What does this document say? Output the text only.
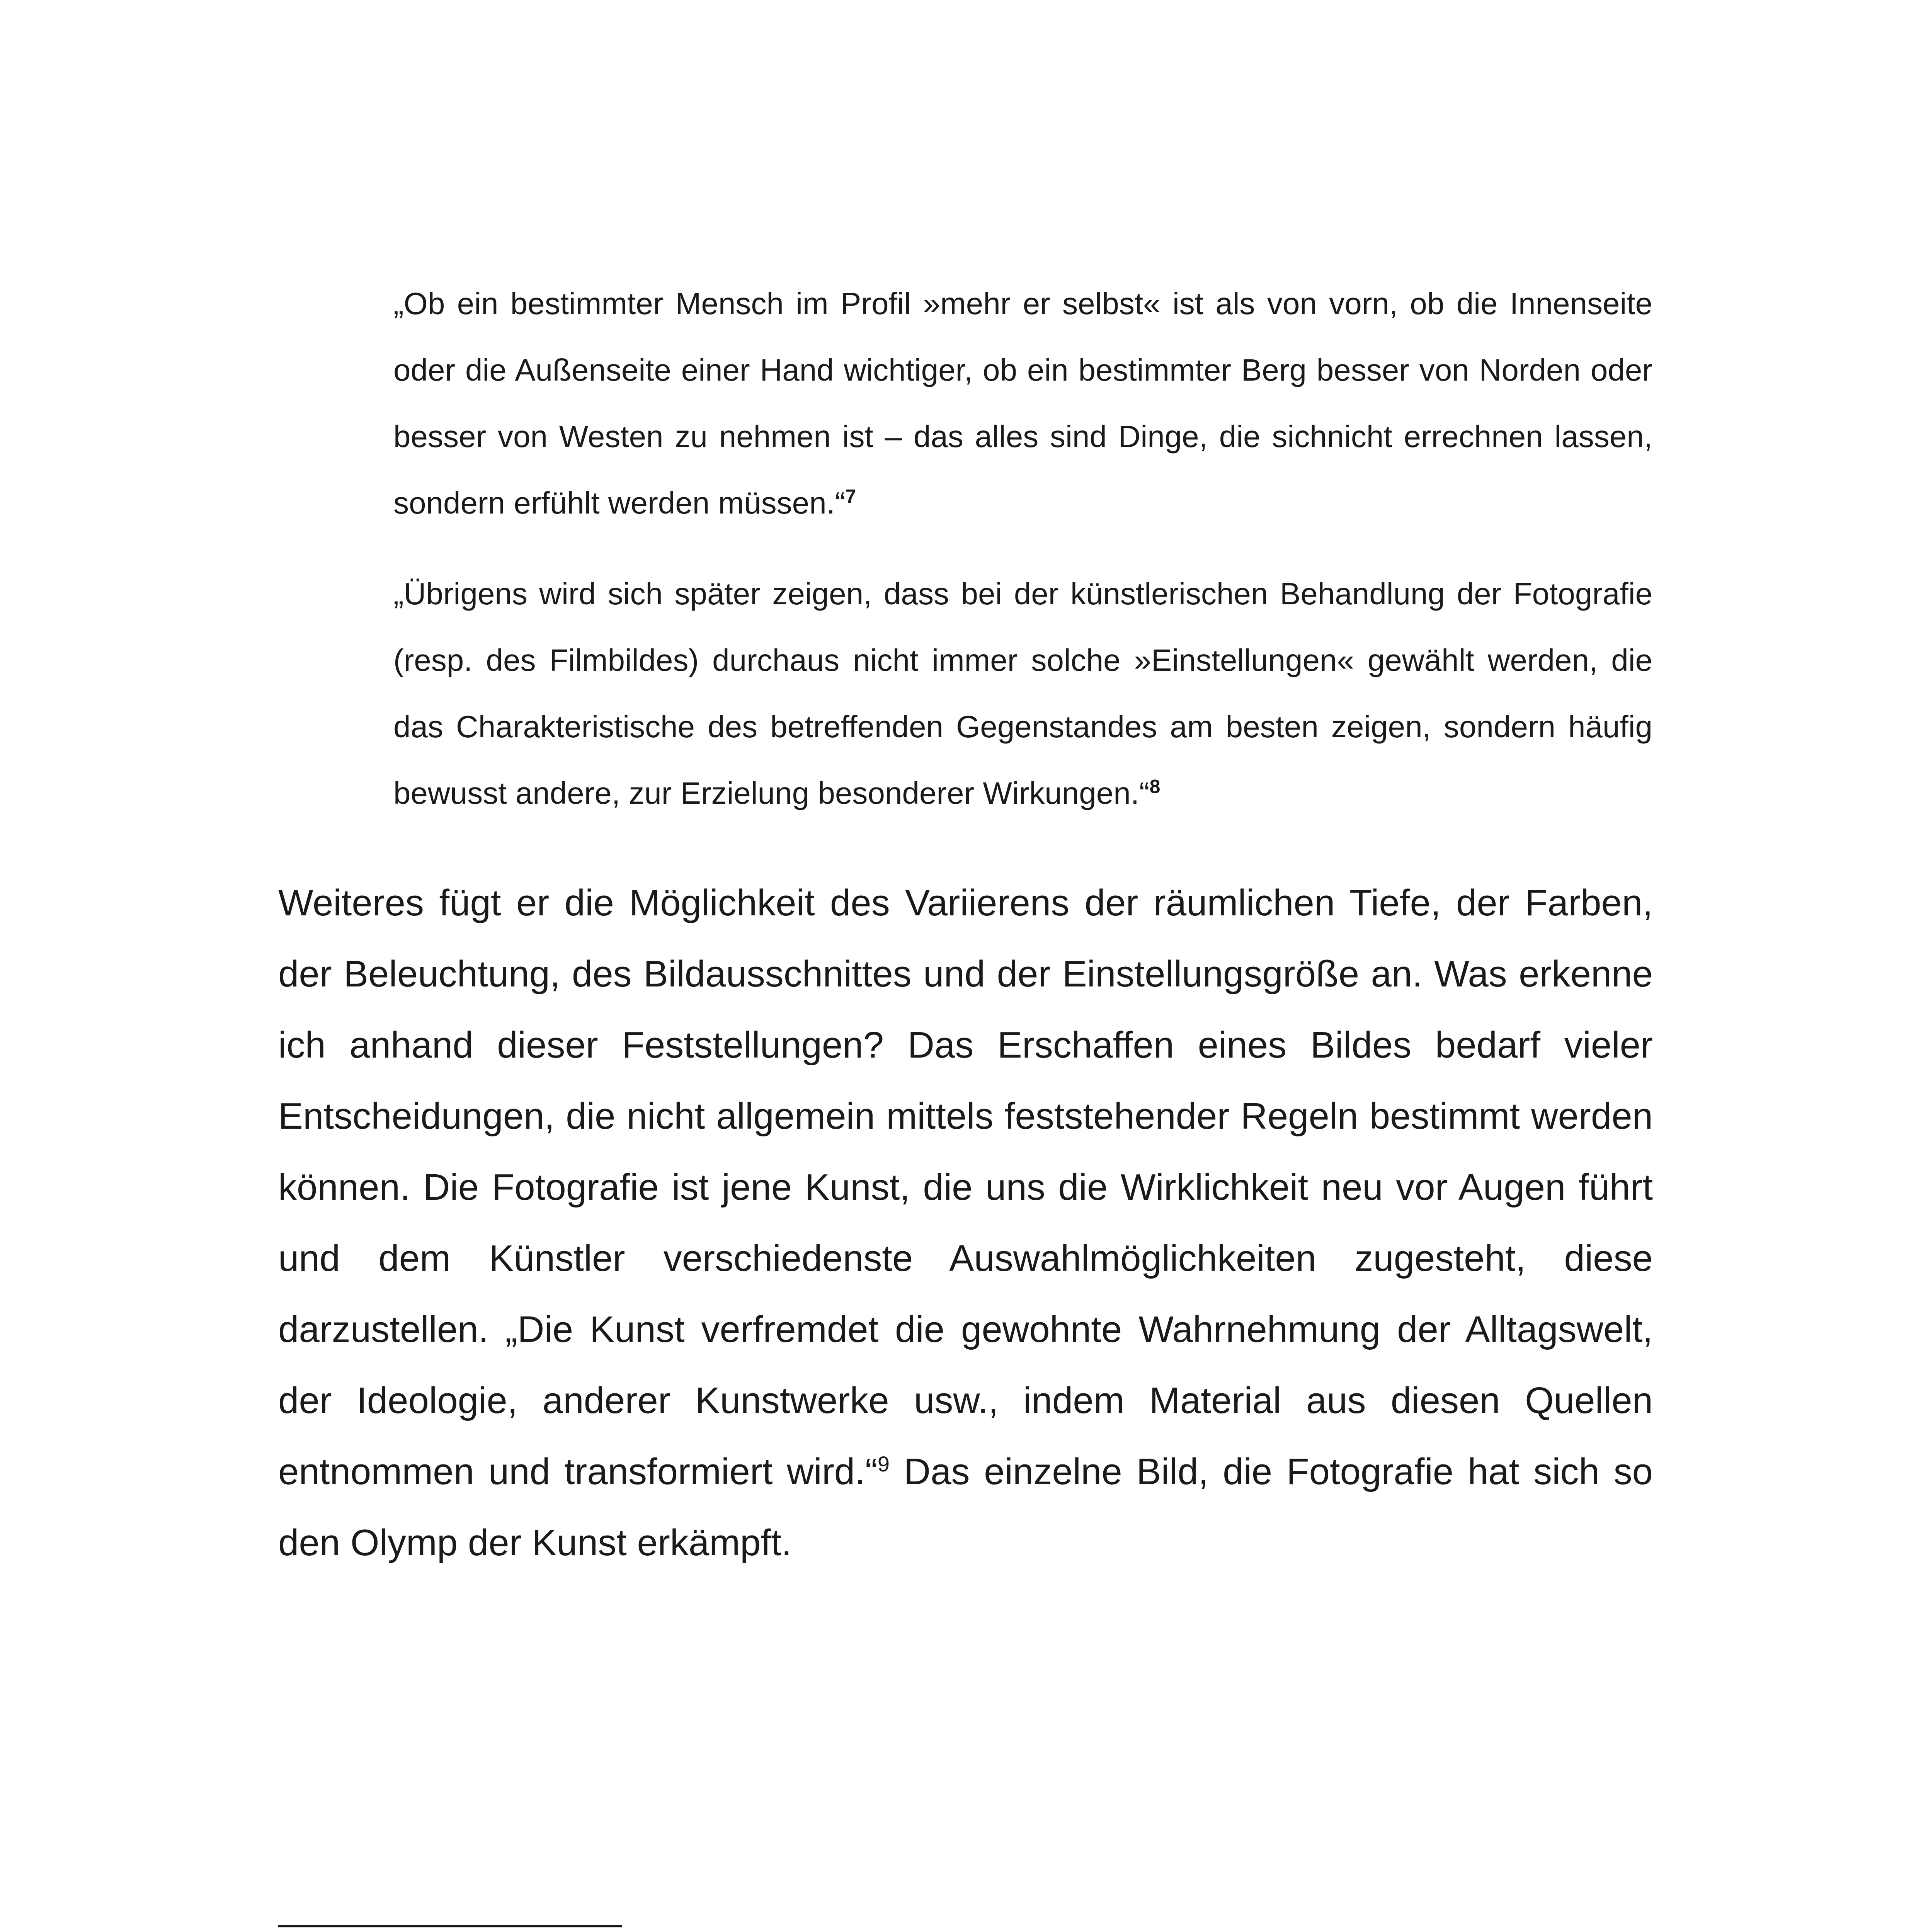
„Ob ein bestimmter Mensch im Profil »mehr er selbst« ist als von vorn, ob die Innenseite oder die Außenseite einer Hand wichtiger, ob ein bestimmter Berg besser von Norden oder besser von Westen zu nehmen ist – das alles sind Dinge, die sichnicht errechnen lassen, sondern erfühlt werden müssen.“$^7$

„Übrigens wird sich später zeigen, dass bei der künstlerischen Behandlung der Fotografie (resp. des Filmbildes) durchaus nicht immer solche »Einstellungen« gewählt werden, die das Charakteristische des betreffenden Gegenstandes am besten zeigen, sondern häufig bewusst andere, zur Erzielung besonderer Wirkungen.“$^8$

Weiteres fügt er die Möglichkeit des Variierens der räumlichen Tiefe, der Farben, der Beleuchtung, des Bildausschnittes und der Einstellungsgröße an. Was erkenne ich anhand dieser Feststellungen? Das Erschaffen eines Bildes bedarf vieler Entscheidungen, die nicht allgemein mittels feststehender Regeln bestimmt werden können. Die Fotografie ist jene Kunst, die uns die Wirklichkeit neu vor Augen führt und dem Künstler verschiedenste Auswahlmöglichkeiten zugesteht, diese darzustellen. „Die Kunst verfremdet die gewohnte Wahrnehmung der Alltagswelt, der Ideologie, anderer Kunstwerke usw., indem Material aus diesen Quellen entnommen und transformiert wird.“$^9$ Das einzelne Bild, die Fotografie hat sich so den Olymp der Kunst erkämpft.
